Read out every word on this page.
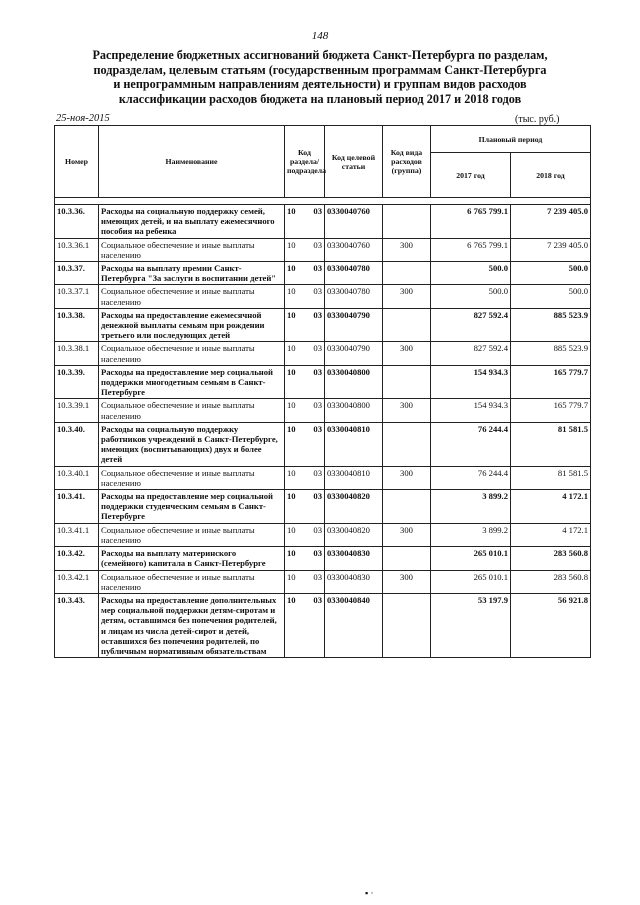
148
Распределение бюджетных ассигнований бюджета Санкт-Петербурга по разделам,
подразделам, целевым статьям (государственным программам Санкт-Петербурга
и непрограммным направлениям деятельности) и группам видов расходов
классификации расходов бюджета на плановый период 2017 и 2018 годов
25-ноя-2015	(тыс. руб.)
Номер	Наименование	Код раздела/подраздела	Код целевой статьи	Код вида расходов (группа)	Плановый период	
					2017 год	2018 год

10.3.36.	Расходы на социальную поддержку семей, имеющих детей, и на выплату ежемесячного пособия на ребенка	10 03	0330040760		6 765 799.1	7 239 405.0
10.3.36.1	Социальное обеспечение и иные выплаты населению	10 03	0330040760	300	6 765 799.1	7 239 405.0
10.3.37.	Расходы на выплату премии Санкт-Петербурга "За заслуги в воспитании детей"	10 03	0330040780		500.0	500.0
10.3.37.1	Социальное обеспечение и иные выплаты населению	10 03	0330040780	300	500.0	500.0
10.3.38.	Расходы на предоставление ежемесячной денежной выплаты семьям при рождении третьего или последующих детей	10 03	0330040790		827 592.4	885 523.9
10.3.38.1	Социальное обеспечение и иные выплаты населению	10 03	0330040790	300	827 592.4	885 523.9
10.3.39.	Расходы на предоставление мер социальной поддержки многодетным семьям в Санкт-Петербурге	10 03	0330040800		154 934.3	165 779.7
10.3.39.1	Социальное обеспечение и иные выплаты населению	10 03	0330040800	300	154 934.3	165 779.7
10.3.40.	Расходы на социальную поддержку работников учреждений в Санкт-Петербурге, имеющих (воспитывающих) двух и более детей	10 03	0330040810		76 244.4	81 581.5
10.3.40.1	Социальное обеспечение и иные выплаты населению	10 03	0330040810	300	76 244.4	81 581.5
10.3.41.	Расходы на предоставление мер социальной поддержки студенческим семьям в Санкт-Петербурге	10 03	0330040820		3 899.2	4 172.1
10.3.41.1	Социальное обеспечение и иные выплаты населению	10 03	0330040820	300	3 899.2	4 172.1
10.3.42.	Расходы на выплату материнского (семейного) капитала в Санкт-Петербурге	10 03	0330040830		265 010.1	283 560.8
10.3.42.1	Социальное обеспечение и иные выплаты населению	10 03	0330040830	300	265 010.1	283 560.8
10.3.43.	Расходы на предоставление дополнительных мер социальной поддержки детям-сиротам и детям, оставшимся без попечения родителей, и лицам из числа детей-сирот и детей, оставшихся без попечения родителей, по публичным нормативным обязательствам	10 03	0330040840		53 197.9	56 921.8
▪ ·
